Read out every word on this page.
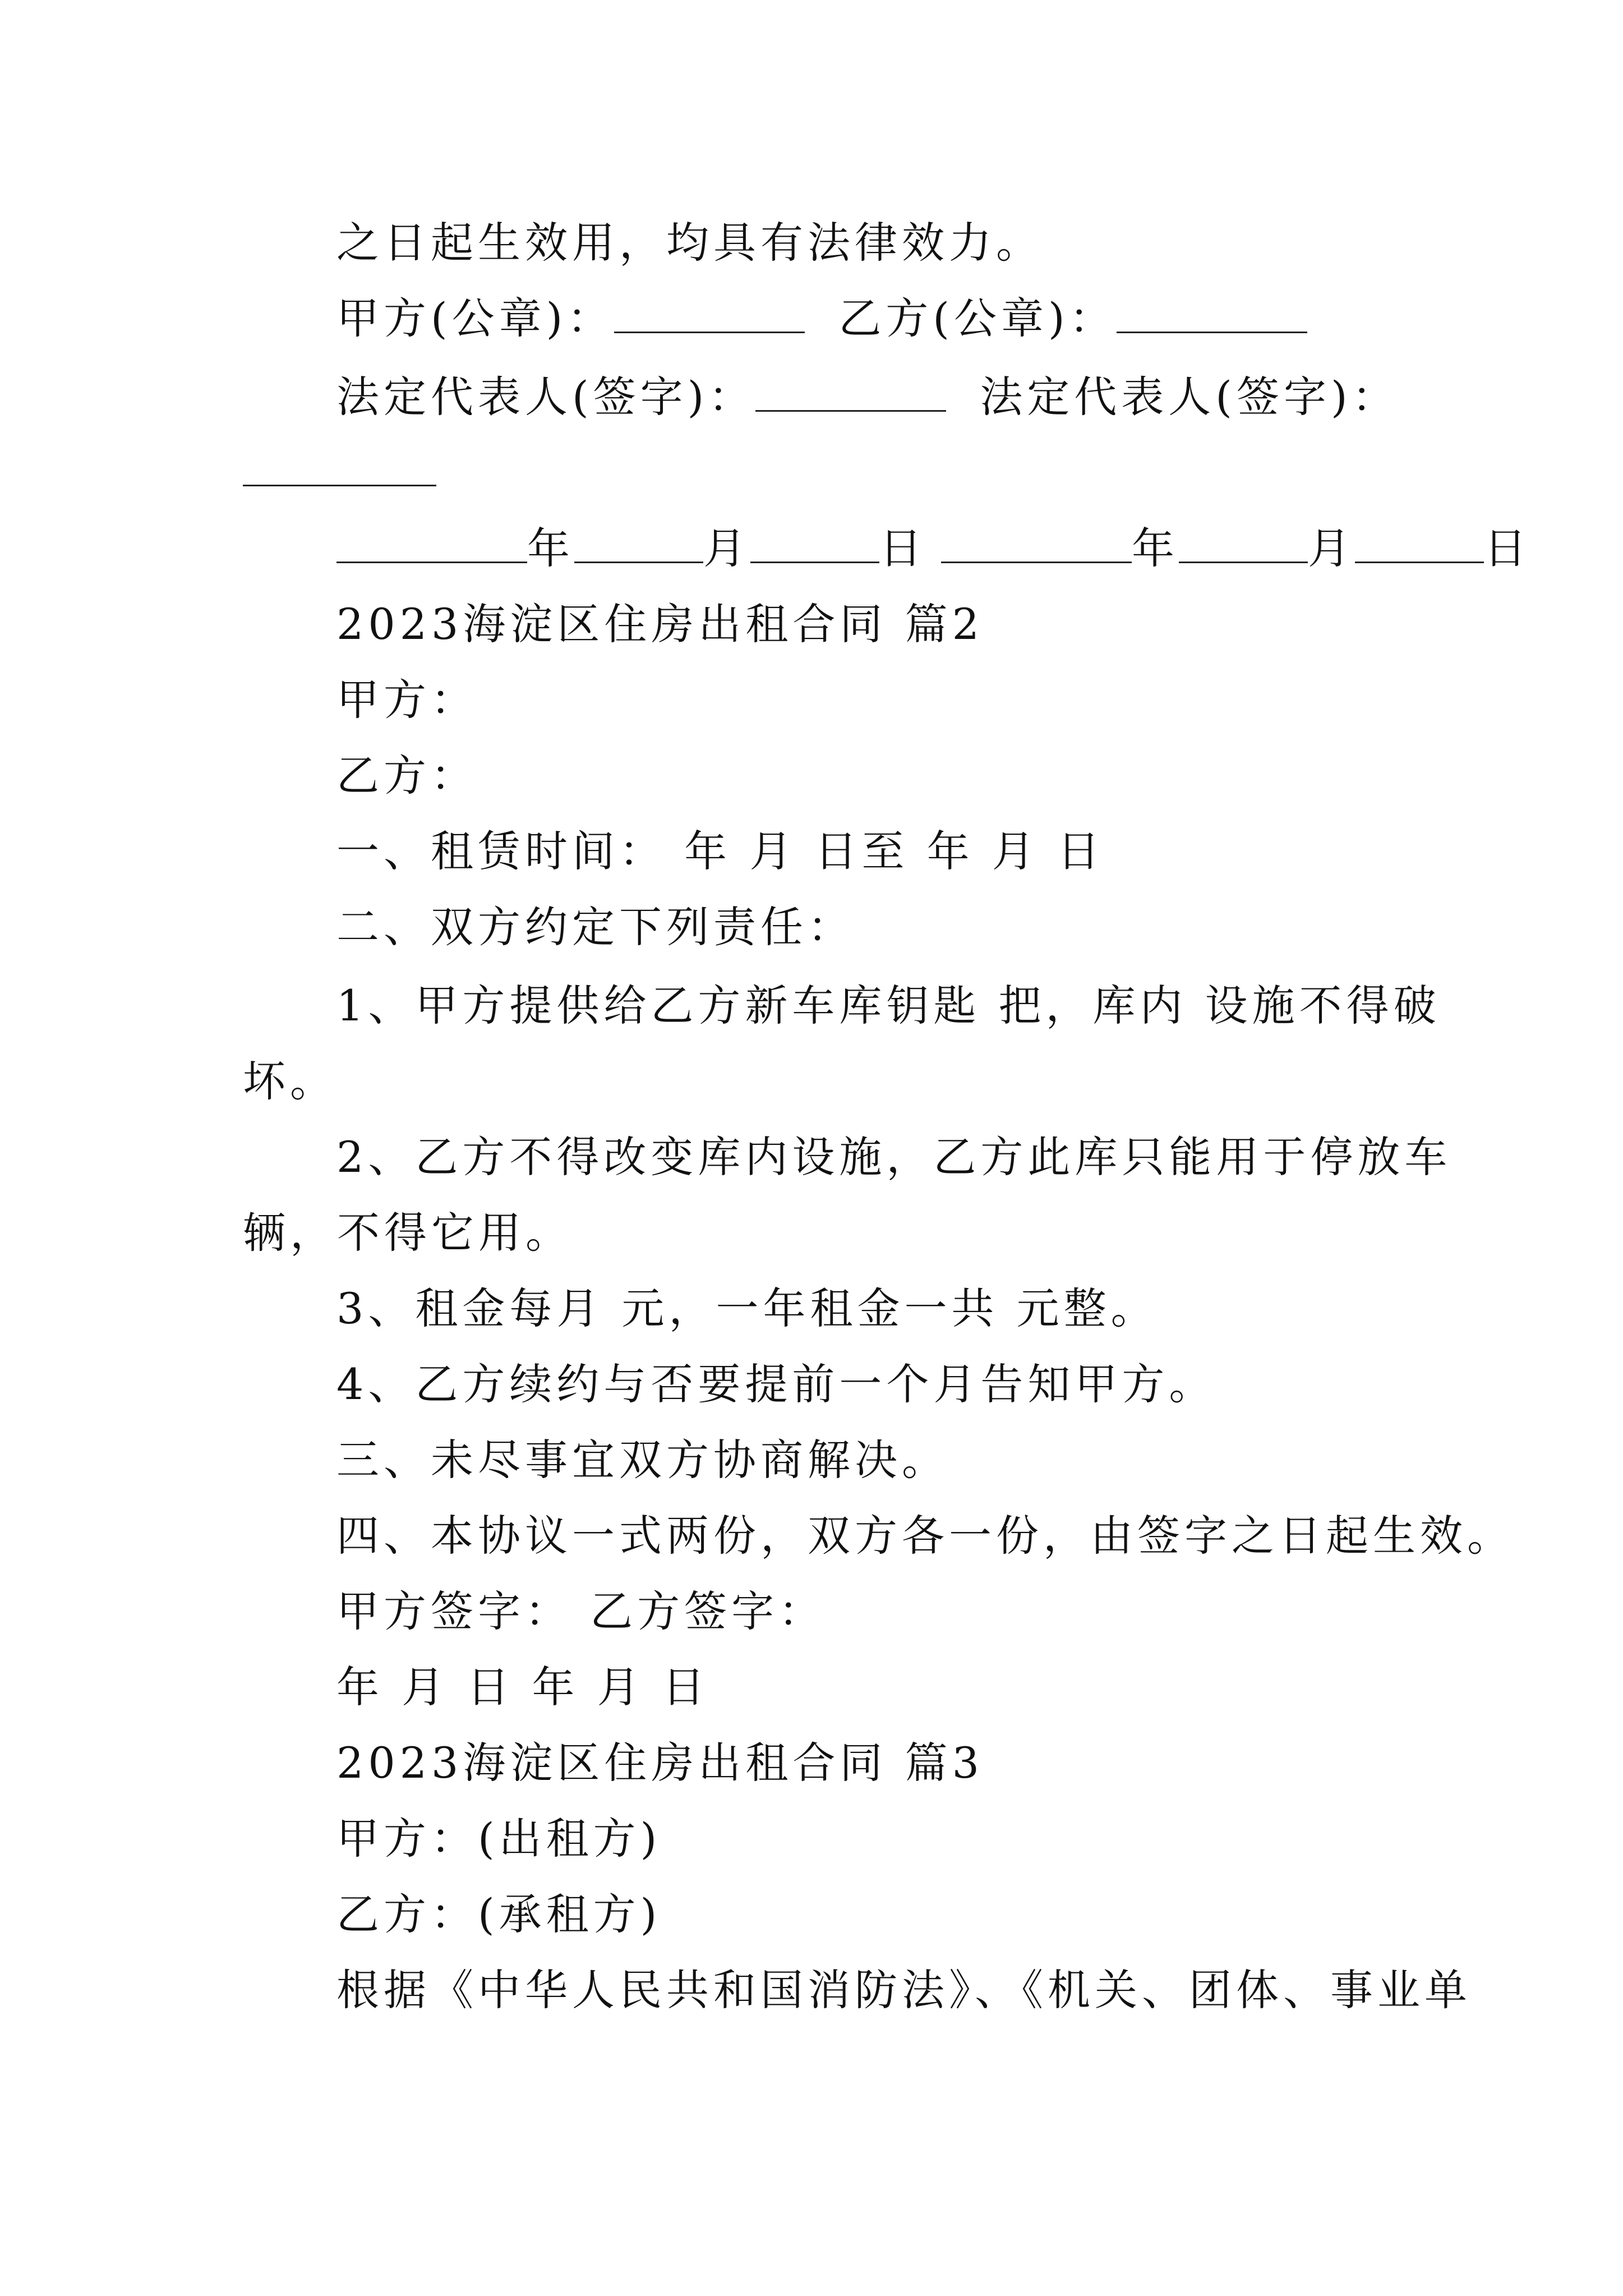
之日起生效用，均具有法律效力。
甲方(公章)：	乙方(公章)：
法定代表人(签字)：	法定代表人(签字)：
年	月	日	年	月	日
2023海淀区住房出租合同 篇2
甲方：
乙方：
一、租赁时间： 年 月 日至 年 月 日
二、双方约定下列责任：
1、甲方提供给乙方新车库钥匙 把，库内 设施不得破
坏。
2、乙方不得改变库内设施，乙方此库只能用于停放车
辆，不得它用。
3、租金每月 元，一年租金一共 元整。
4、乙方续约与否要提前一个月告知甲方。
三、未尽事宜双方协商解决。
四、本协议一式两份，双方各一份，由签字之日起生效。
甲方签字： 乙方签字：
年 月 日 年 月 日
2023海淀区住房出租合同 篇3
甲方：(出租方)
乙方：(承租方)
根据《中华人民共和国消防法》、《机关、团体、事业单
